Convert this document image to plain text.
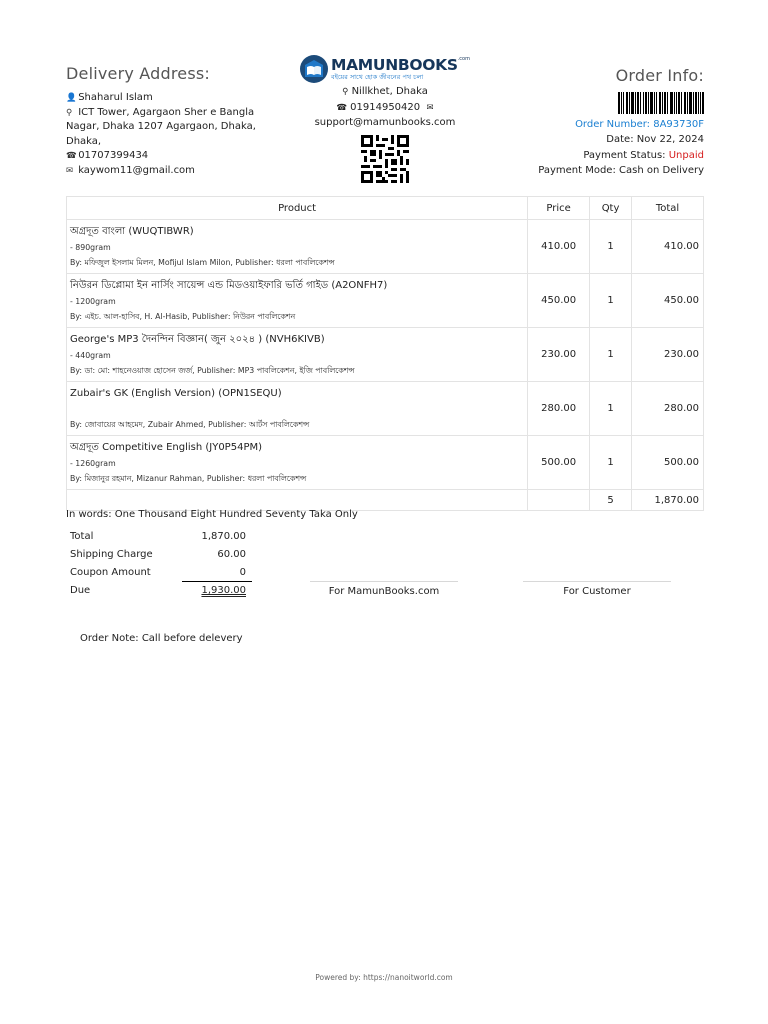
Delivery Address:
👤 Shaharul Islam
⚲ ICT Tower, Agargaon Sher e Bangla Nagar, Dhaka 1207 Agargaon, Dhaka, Dhaka,
☎ 01707399434
✉ kaywom11@gmail.com
$MAMUNBOOKS^{.com}$
বইয়ের সাথে হোক জীবনের পথ চলা
⚲ Nillkhet, Dhaka
☎ 01914950420 ✉
support@mamunbooks.com
Order Info:
Order Number: 8A93730F
Date: Nov 22, 2024
Payment Status: Unpaid
Payment Mode: Cash on Delivery
Product	Price	Qty	Total

অগ্রদূত বাংলা (WUQTIBWR)
- 890gram
By: মফিজুল ইসলাম মিলন, Mofijul Islam Milon, Publisher: ধরলা পাবলিকেশন্স	410.00	1	410.00

নিউরন ডিপ্লোমা ইন নার্সিং সায়েন্স এন্ড মিডওয়াইফারি ভর্তি গাইড (A2ONFH7)
- 1200gram
By: এইচ. আল-হাসিব, H. Al-Hasib, Publisher: নিউরন পাবলিকেশন	450.00	1	450.00

George's MP3 দৈনন্দিন বিজ্ঞান( জুন ২০২৪ ) (NVH6KIVB)
- 440gram
By: ডা: মো: শাহনেওয়াজ হোসেন জর্জ, Publisher: MP3 পাবলিকেশন, ইজি পাবলিকেশন্স	230.00	1	230.00

Zubair's GK (English Version) (OPN1SEQU)
By: জোবায়ের আহমেদ, Zubair Ahmed, Publisher: আর্টস পাবলিকেশন্স	280.00	1	280.00

অগ্রদূত Competitive English (JY0P54PM)
- 1260gram
By: মিজানুর রহমান, Mizanur Rahman, Publisher: ধরলা পাবলিকেশন্স	500.00	1	500.00
		5	1,870.00
In words: One Thousand Eight Hundred Seventy Taka Only
Total	1,870.00
Shipping Charge	60.00
Coupon Amount	0
Due	1,930.00	For MamunBooks.com	For Customer
Order Note: Call before delevery
Powered by: https://nanoitworld.com
